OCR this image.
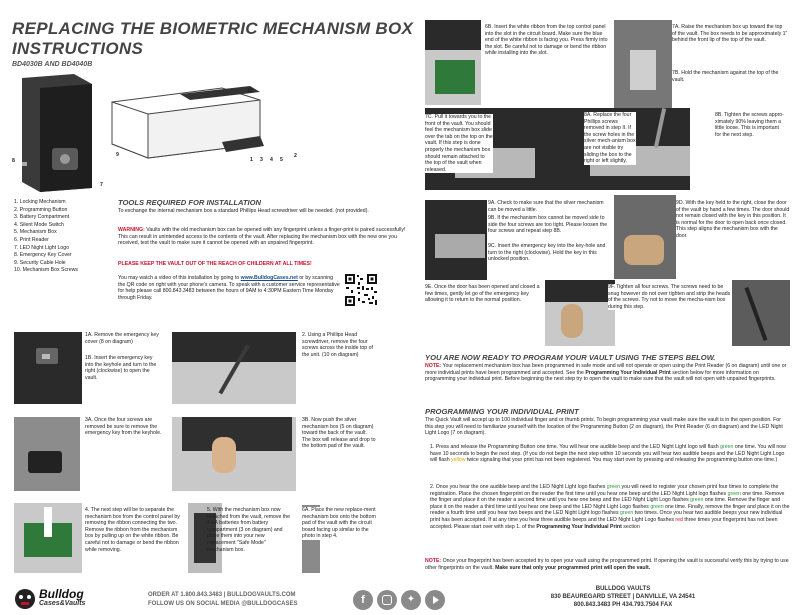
REPLACING THE BIOMETRIC MECHANISM BOX
INSTRUCTIONS
BD4030B AND BD4040B
10
8
9
1 3 4 5
2
6	7
1. Locking Mechanism
2. Programming Button
3. Battery Compartment
4. Silent Mode Switch
5. Mechanism Box
6. Print Reader
7. LED Night Light Logo
8. Emergency Key Cover
9. Security Cable Hole
10. Mechanism Box Screws
TOOLS REQUIRED FOR INSTALLATION
To exchange the internal mechanism box a standard Phillips Head screwdriver will be needed. (not provided).
WARNING: Vaults with the old mechanism box can be opened with any fingerprint unless a finger-print is paired successfully! This can result in unintended access to the contents of the vault. After replacing the mechanism box with the new one you received, test the vault to make sure it cannot be opened with an unpaired fingerprint.
PLEASE KEEP THE VAULT OUT OF THE REACH OF CHILDERN AT ALL TIMES!
You may watch a video of this installation by going to www.BulldogCases.net or by scanning the QR code on right with your phone's camera. To speak with a customer service representative for help please call 800.843.3483 between the hours of 9AM to 4:30PM Eastern Time Monday through Friday.
1A. Remove the emergency key cover (8 on diagram)
1B. Insert the emergency key into the keyhole and turn to the right (clockwise) to open the vault.
2. Using a Phillips Head screwdriver, remove the four screws across the inside top of the unit. (10 on diagram)
3A. Once the four screws are removed be sure to remove the emergency key from the keyhole.
3B. Now push the silver mechanism box (5 on diagram) toward the back of the vault. The box will release and drop to the bottom pad of the vault.
4. The next step will be to separate the mechanism box from the control panel by removing the ribbon connecting the two. Remove the ribbon from the mechanism box by pulling up on the white ribbon. Be careful not to damage or bend the ribbon while removing.
5. With the mechanism box now detached from the vault, remove the 4 AA batteries from battery compartment (3 on diagram) and place them into your new replacement "Safe Mode" mechanism box.
6A. Place the new replace-ment mechanism box onto the bottom pad of the vault with the circuit board facing up similar to the photo in step 4.
6B. Insert the white ribbon from the top control panel into the slot in the circuit board. Make sure the blue end of the white ribbon is facing you. Press firmly into the slot. Be careful not to damage or bend the ribbon while installing into the slot.
7A. Raise the mechanism box up toward the top of the vault. The box needs to be approximately 1" behind the front lip of the top of the vault.
7B. Hold the mechanism against the top of the vault.
7C. Pull it towards you to the front of the vault. You should feel the mechanism box slide over the tab on the top on the vault. If this step is done properly the mechanism box should remain attached to the top of the vault when released.
8A. Replace the four Phillips screws removed in step II. If the screw holes in the silver mech-anism box are not visible try sliding the box to the right or left slightly.
8B. Tighten the screws appro-ximately 90% leaving them a little loose. This is important for the next step.
9A. Check to make sure that the silver mechanism can be moved a little.
9B. If the mechanism box cannot be moved side to side the four screws are too tight. Please loosen the four screws and repeat step 8B.
9C. Insert the emergency key into the key-hole and turn to the right (clockwise). Hold the key in this unlocked position.
9D. With the key held to the right, close the door of the vault by hand a few times. The door should not remain closed with the key in this position. It is normal for the door to open back once closed. This step aligns the mechanism box with the door.
9E. Once the door has been opened and closed a few times, gently let go of the emergency key allowing it to return to the normal position.
9F. Tighten all four screws. The screws need to be snug however do not over tighten and strip the heads of the screws. Try not to move the mecha-nism box during this step.
YOU ARE NOW READY TO PROGRAM YOUR VAULT USING THE STEPS BELOW.
NOTE: Your replacement mechanism box has been programmed in safe mode and will not operate or open using the Print Reader (6 on diagram) until one or more individual prints have been programmed and accepted. See the Programming Your Individual Print section below for more information on programming your individual print. Before beginning the next step try to open the vault to make sure that the vault will not open with unpaired fingerprints.
PROGRAMMING YOUR INDIVIDUAL PRINT
The Quick Vault will accept up to 100 individual finger and or thumb prints. To begin programming your vault make sure the vault is in the open position. For this step you will need to familiarize yourself with the location of the Programming Button (2 on diagram), the Print Reader (6 on diagram) and the LED Night Light Logo (7 on diagram).
1. Press and release the Programming Button one time. You will hear one audible beep and the LED Night Light logo will flash green one time. You will now have 10 seconds to begin the next step. (If you do not begin the next step within 10 seconds you will hear two audible beeps and the LED Night Light Logo will flash yellow twice signaling that your print has not been registered. You may start over by pressing and releasing the programming button one time.)
2. Once you hear the one audible beep and the LED Night Light logo flashes green you will need to register your chosen print four times to complete the registration. Place the chosen fingerprint on the reader the first time until you hear one beep and the LED Night Light logo flashes green one time. Remove the finger and place it on the reader a second time until you hear one beep and the LED Night Light Logo flashes green one time. Remove the finger and place it on the reader a third time until you hear one beep and the LED Night Light Logo flashes green one time. Finally, remove the finger and place it on the reader a fourth time until you hear two beeps and the LED Night Light logo flashes green two times. Once you hear two audible beeps your new individual print has been accepted. If at any time you hear three audible beeps and the LED Night Light Logo flashes red three times your fingerprint has not been accepted. Please start over with step 1. of the Programming Your Individual Print section
NOTE: Once your fingerprint has been accepted try to open your vault using the programmed print. If opening the vault is successful verify this by trying to use other fingerprints on the vault. Make sure that only your programmed print will open the vault.
Bulldog
Cases&Vaults
ORDER AT 1.800.843.3483 | BULLDOGVAULTS.COM
FOLLOW US ON SOCIAL MEDIA @BULLDOGCASES	f	✦
BULLDOG VAULTS
830 BEAUREGARD STREET | DANVILLE, VA 24541
800.843.3483 PH 434.793.7504 FAX
